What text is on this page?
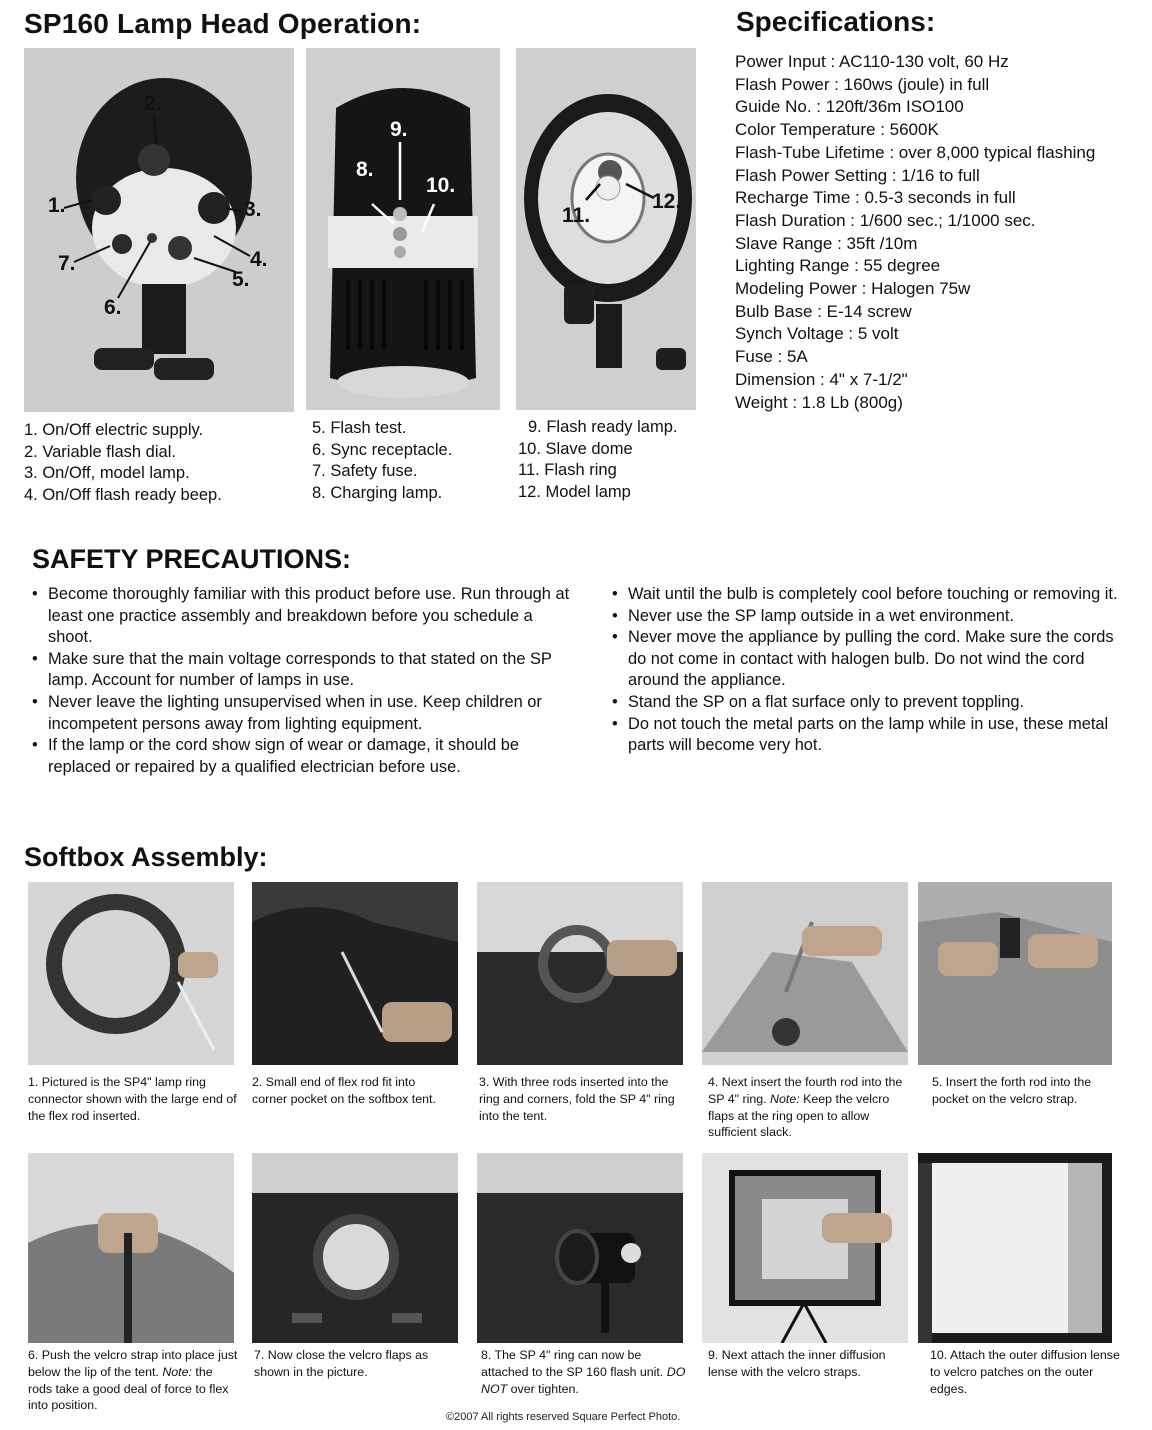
SP160 Lamp Head Operation:	Specifications:
1.
2.
3.
4.
5.
6.
7.
8.
9.
10.
11.
12.
1. On/Off electric supply.
2. Variable flash dial.
3. On/Off, model lamp.
4. On/Off flash ready beep.
5. Flash test.
6. Sync receptacle.
7. Safety fuse.
8. Charging lamp.
9. Flash ready lamp.
10. Slave dome
11. Flash ring
12. Model lamp
Power Input : AC110-130 volt, 60 Hz
Flash Power : 160ws (joule) in full
Guide No. : 120ft/36m ISO100
Color Temperature : 5600K
Flash-Tube Lifetime : over 8,000 typical flashing
Flash Power Setting : 1/16 to full
Recharge Time : 0.5-3 seconds in full
Flash Duration : 1/600 sec.; 1/1000 sec.
Slave Range : 35ft /10m
Lighting Range : 55 degree
Modeling Power : Halogen 75w
Bulb Base : E-14 screw
Synch Voltage : 5 volt
Fuse : 5A
Dimension : 4" x 7-1/2"
Weight : 1.8 Lb (800g)
SAFETY PRECAUTIONS:

• Become thoroughly familiar with this product before use. Run through at least one practice assembly and breakdown before you schedule a shoot.

• Make sure that the main voltage corresponds to that stated on the SP lamp. Account for number of lamps in use.

• Never leave the lighting unsupervised when in use. Keep children or incompetent persons away from lighting equipment.

• If the lamp or the cord show sign of wear or damage, it should be replaced or repaired by a qualified electrician before use.

• Wait until the bulb is completely cool before touching or removing it.

• Never use the SP lamp outside in a wet environment.

• Never move the appliance by pulling the cord. Make sure the cords do not come in contact with halogen bulb. Do not wind the cord around the appliance.

• Stand the SP on a flat surface only to prevent toppling.

• Do not touch the metal parts on the lamp while in use, these metal parts will become very hot.

Softbox Assembly:
1. Pictured is the SP4" lamp ring connector shown with the large end of the flex rod inserted.
2. Small end of flex rod fit into corner pocket on the softbox tent.
3. With three rods inserted into the ring and corners, fold the SP 4" ring into the tent.
4. Next insert the fourth rod into the SP 4" ring. Note: Keep the velcro flaps at the ring open to allow sufficient slack.
5. Insert the forth rod into the pocket on the velcro strap.
6. Push the velcro strap into place just below the lip of the tent. Note: the rods take a good deal of force to flex into position.
7. Now close the velcro flaps as shown in the picture.
8. The SP 4" ring can now be attached to the SP 160 flash unit. DO NOT over tighten.
9. Next attach the inner diffusion lense with the velcro straps.
10. Attach the outer diffusion lense to velcro patches on the outer edges.
©2007 All rights reserved Square Perfect Photo.
